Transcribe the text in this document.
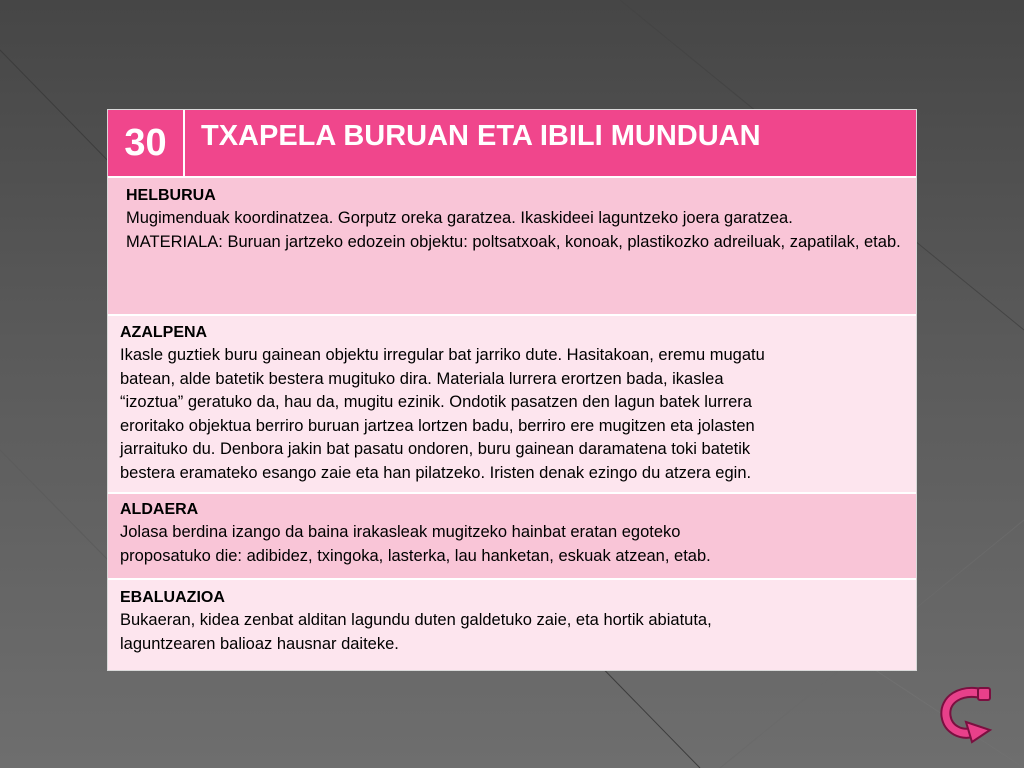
30	TXAPELA BURUAN ETA IBILI MUNDUAN
HELBURUA

Mugimenduak koordinatzea. Gorputz oreka garatzea. Ikaskideei laguntzeko joera garatzea.

MATERIALA: Buruan jartzeko edozein objektu: poltsatxoak, konoak, plastikozko adreiluak, zapatilak, etab.

AZALPENA
Ikasle guztiek buru gainean objektu irregular bat jarriko dute. Hasitakoan, eremu mugatu
batean, alde batetik bestera mugituko dira. Materiala lurrera erortzen bada, ikaslea
“izoztua” geratuko da, hau da, mugitu ezinik. Ondotik pasatzen den lagun batek lurrera
eroritako objektua berriro buruan jartzea lortzen badu, berriro ere mugitzen eta jolasten
jarraituko du. Denbora jakin bat pasatu ondoren, buru gainean daramatena toki batetik
bestera eramateko esango zaie eta han pilatzeko. Iristen denak ezingo du atzera egin.
ALDAERA
Jolasa berdina izango da baina irakasleak mugitzeko hainbat eratan egoteko
proposatuko die: adibidez, txingoka, lasterka, lau hanketan, eskuak atzean, etab.
EBALUAZIOA
Bukaeran, kidea zenbat alditan lagundu duten galdetuko zaie, eta hortik abiatuta,
laguntzearen balioaz hausnar daiteke.
